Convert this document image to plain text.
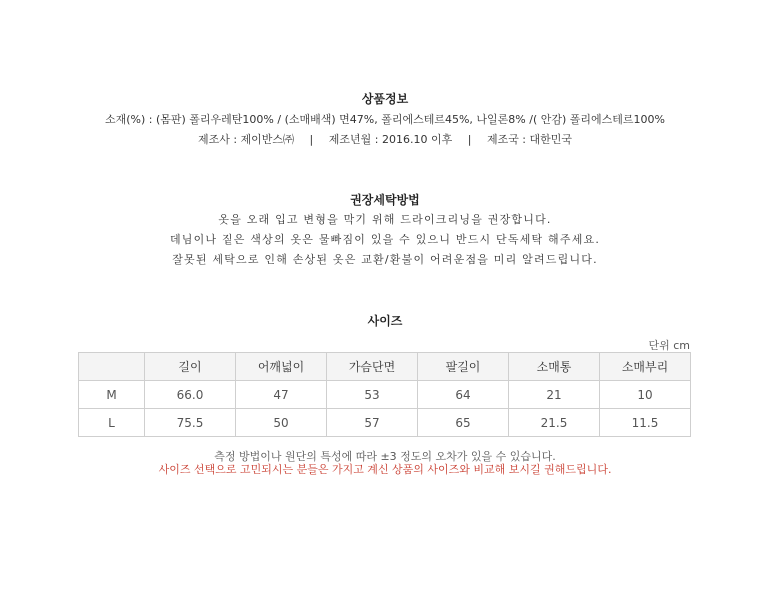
상품정보
소재(%) : (몸판) 폴리우레탄100% / (소매배색) 면47%, 폴리에스테르45%, 나일론8% /( 안감) 폴리에스테르100%
제조사 : 제이반스㈜ | 제조년월 : 2016.10 이후 | 제조국 : 대한민국
권장세탁방법
옷을 오래 입고 변형을 막기 위해 드라이크리닝을 권장합니다.
데님이나 짙은 색상의 옷은 물빠짐이 있을 수 있으니 반드시 단독세탁 해주세요.
잘못된 세탁으로 인해 손상된 옷은 교환/환불이 어려운점을 미리 알려드립니다.
사이즈
단위 cm
	길이	어깨넓이	가슴단면	팔길이	소매통	소매부리
M	66.0	47	53	64	21	10
L	75.5	50	57	65	21.5	11.5
측정 방법이나 원단의 특성에 따라 ±3 정도의 오차가 있을 수 있습니다.
사이즈 선택으로 고민되시는 분들은 가지고 계신 상품의 사이즈와 비교해 보시길 권해드립니다.
